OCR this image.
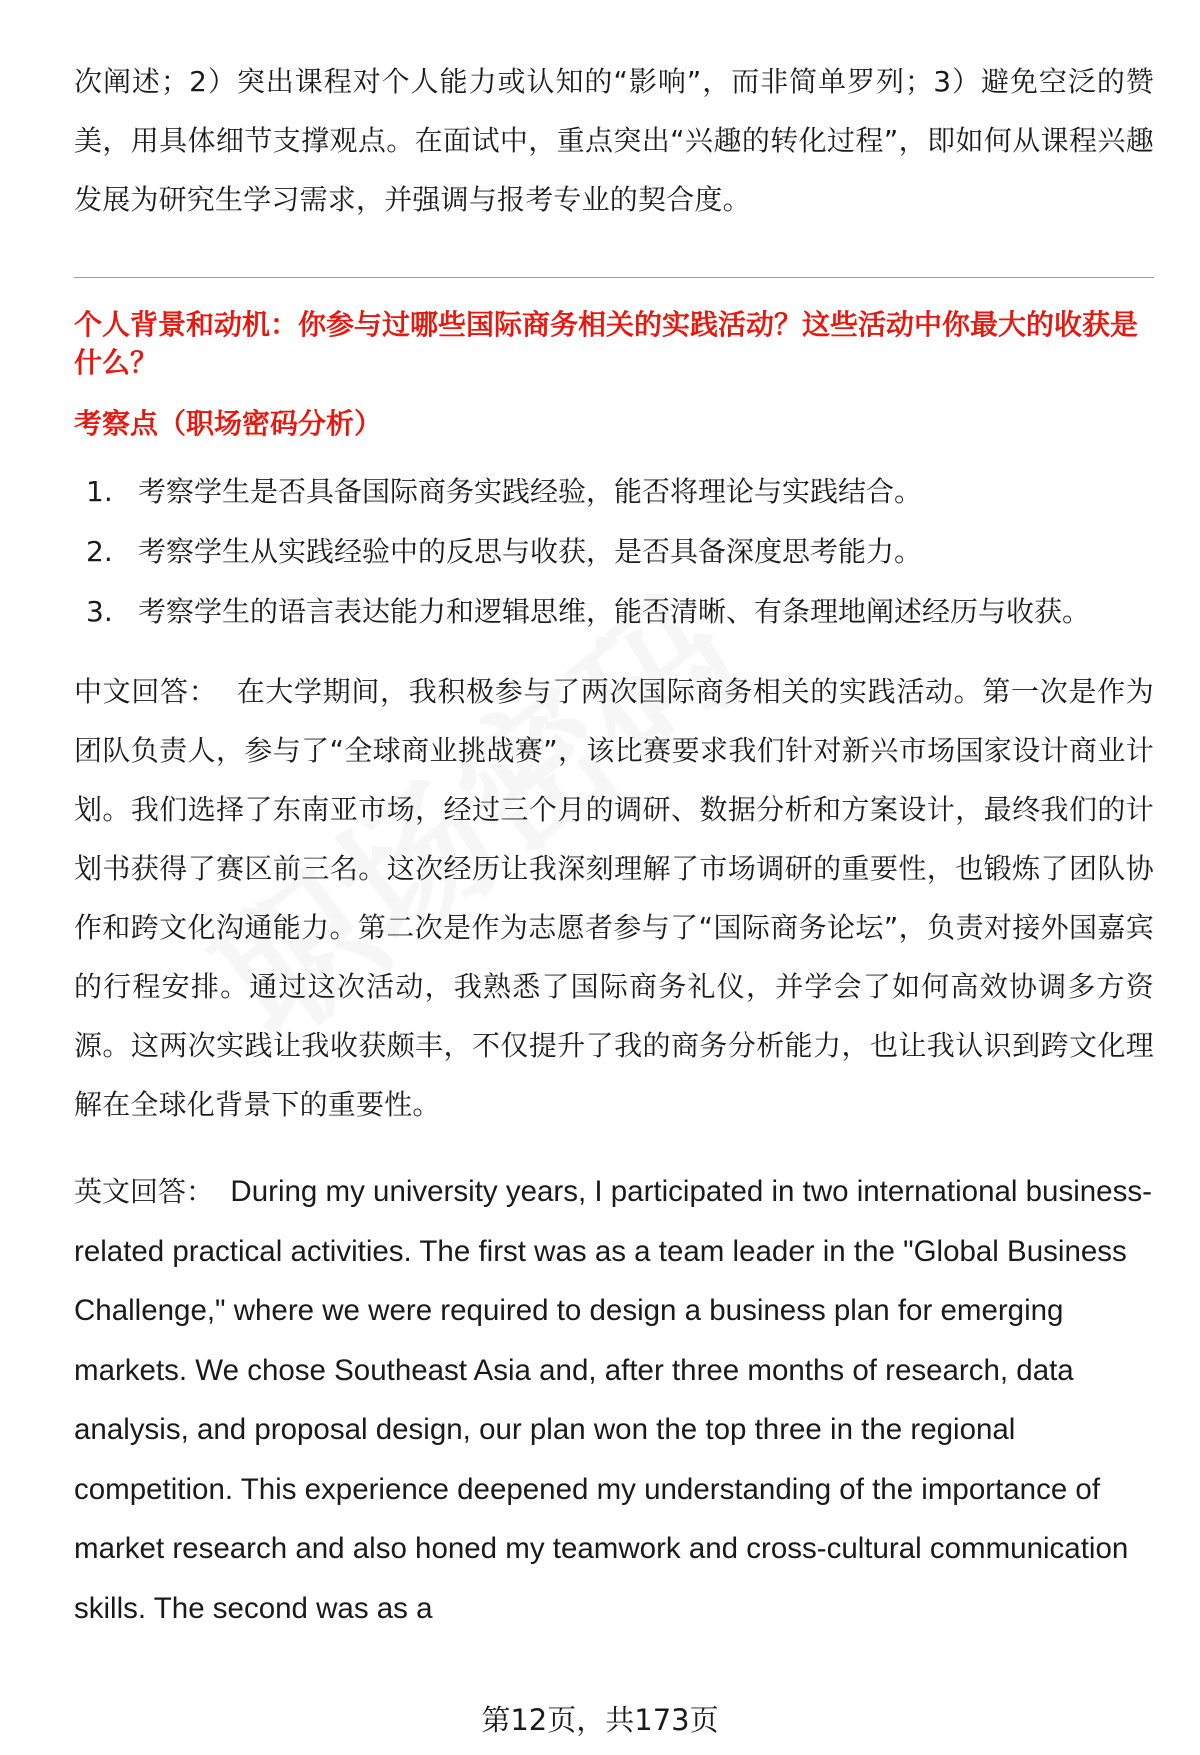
次阐述；2）突出课程对个人能力或认知的“影响”，而非简单罗列；3）避免空泛的赞美，用具体细节支撑观点。在面试中，重点突出“兴趣的转化过程”，即如何从课程兴趣发展为研究生学习需求，并强调与报考专业的契合度。

个人背景和动机：你参与过哪些国际商务相关的实践活动？这些活动中你最大的收获是什么？

考察点（职场密码分析）

1. 考察学生是否具备国际商务实践经验，能否将理论与实践结合。
2. 考察学生从实践经验中的反思与收获，是否具备深度思考能力。
3. 考察学生的语言表达能力和逻辑思维，能否清晰、有条理地阐述经历与收获。

中文回答： 在大学期间，我积极参与了两次国际商务相关的实践活动。第一次是作为团队负责人，参与了“全球商业挑战赛”，该比赛要求我们针对新兴市场国家设计商业计划。我们选择了东南亚市场，经过三个月的调研、数据分析和方案设计，最终我们的计划书获得了赛区前三名。这次经历让我深刻理解了市场调研的重要性，也锻炼了团队协作和跨文化沟通能力。第二次是作为志愿者参与了“国际商务论坛”，负责对接外国嘉宾的行程安排。通过这次活动，我熟悉了国际商务礼仪，并学会了如何高效协调多方资源。这两次实践让我收获颇丰，不仅提升了我的商务分析能力，也让我认识到跨文化理解在全球化背景下的重要性。

英文回答： During my university years, I participated in two international business-related practical activities. The first was as a team leader in the "Global Business Challenge," where we were required to design a business plan for emerging markets. We chose Southeast Asia and, after three months of research, data analysis, and proposal design, our plan won the top three in the regional competition. This experience deepened my understanding of the importance of market research and also honed my teamwork and cross-cultural communication skills. The second was as a

第12页，共173页
